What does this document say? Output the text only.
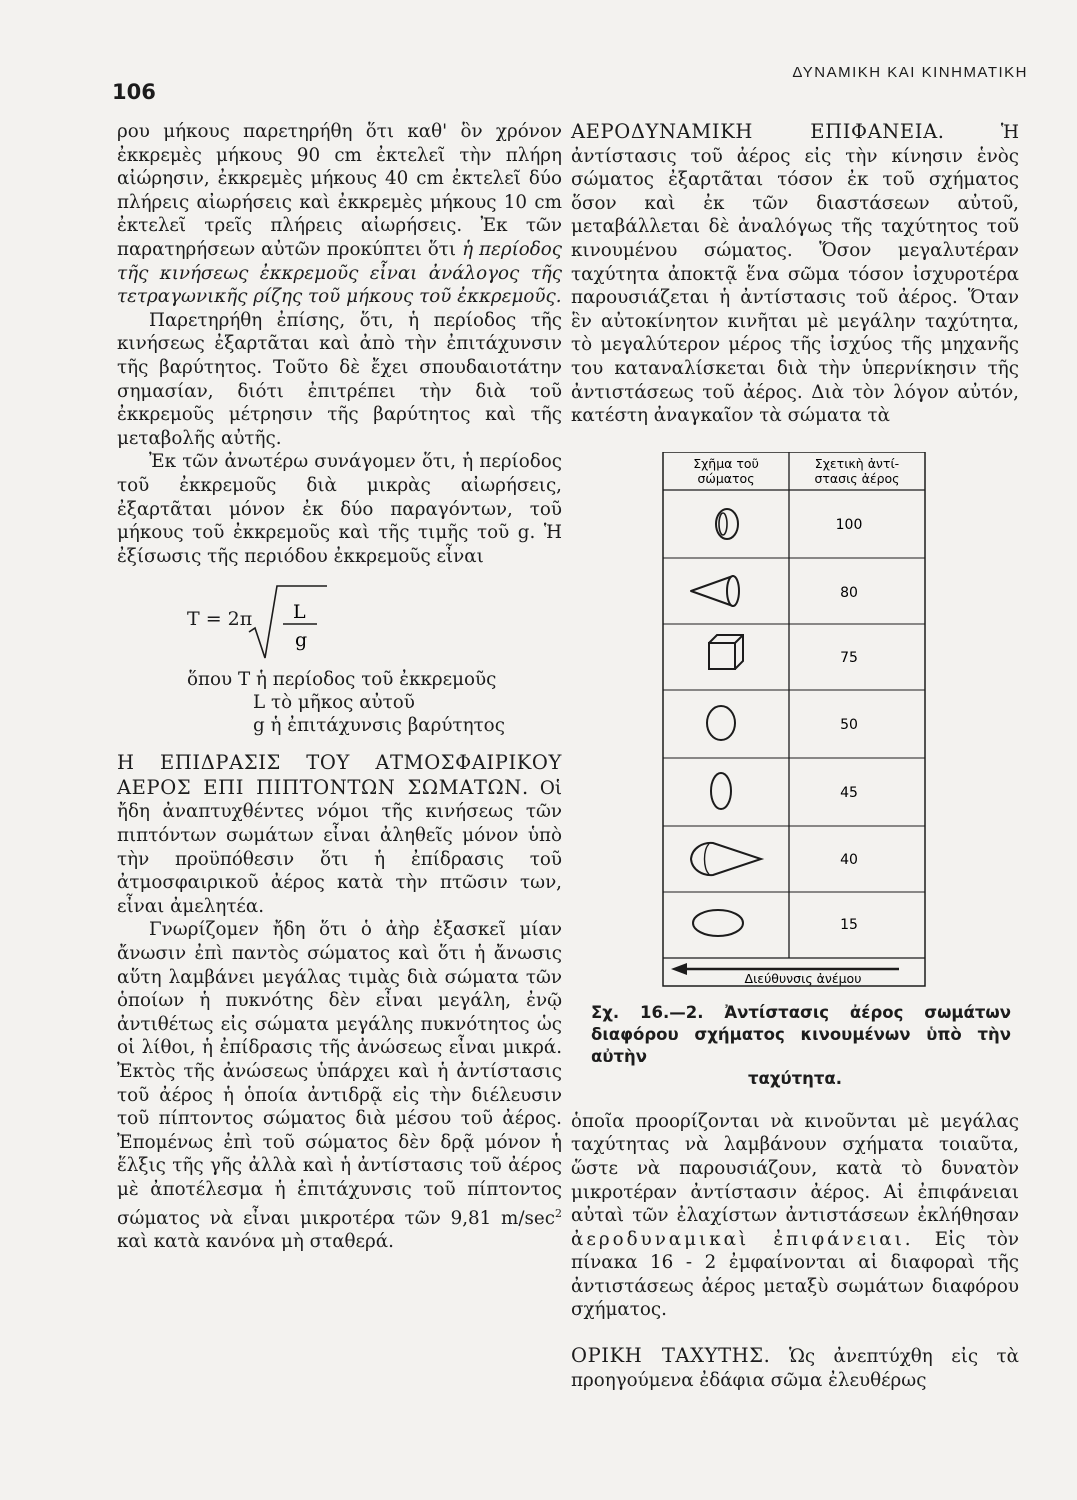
106
ΔΥΝΑΜΙΚΗ ΚΑΙ ΚΙΝΗΜΑΤΙΚΗ

ρου μήκους παρετηρήθη ὅτι καθ' ὃν χρόνον ἐκκρεμὲς μήκους 90 cm ἐκτελεῖ τὴν πλήρη αἰώρησιν, ἐκκρεμὲς μήκους 40 cm ἐκτελεῖ δύο πλήρεις αἰωρήσεις καὶ ἐκκρεμὲς μήκους 10 cm ἐκτελεῖ τρεῖς πλήρεις αἰωρήσεις. Ἐκ τῶν παρατηρήσεων αὐτῶν προκύπτει ὅτι ἡ περίοδος τῆς κινήσεως ἐκκρεμοῦς εἶναι ἀνάλογος τῆς τετραγωνικῆς ρίζης τοῦ μήκους τοῦ ἐκκρεμοῦς.

Παρετηρήθη ἐπίσης, ὅτι, ἡ περίοδος τῆς κινήσεως ἐξαρτᾶται καὶ ἀπὸ τὴν ἐπιτάχυνσιν τῆς βαρύτητος. Τοῦτο δὲ ἔχει σπουδαιοτάτην σημασίαν, διότι ἐπιτρέπει τὴν διὰ τοῦ ἐκκρεμοῦς μέτρησιν τῆς βαρύτητος καὶ τῆς μεταβολῆς αὐτῆς.

Ἐκ τῶν ἀνωτέρω συνάγομεν ὅτι, ἡ περίοδος τοῦ ἐκκρεμοῦς διὰ μικρὰς αἰωρήσεις, ἐξαρτᾶται μόνον ἐκ δύο παραγόντων, τοῦ μήκους τοῦ ἐκκρεμοῦς καὶ τῆς τιμῆς τοῦ g. Ἡ ἐξίσωσις τῆς περιόδου ἐκκρεμοῦς εἶναι

T = 2π L
g
ὅπου Τ ἡ περίοδος τοῦ ἐκκρεμοῦς
L τὸ μῆκος αὐτοῦ
g ἡ ἐπιτάχυνσις βαρύτητος

Η ΕΠΙΔΡΑΣΙΣ ΤΟΥ ΑΤΜΟΣΦΑΙΡΙΚΟΥ ΑΕΡΟΣ ΕΠΙ ΠΙΠΤΟΝΤΩΝ ΣΩΜΑΤΩΝ. Οἱ ἤδη ἀναπτυχθέντες νόμοι τῆς κινήσεως τῶν πιπτόντων σωμάτων εἶναι ἀληθεῖς μόνον ὑπὸ τὴν προϋπόθεσιν ὅτι ἡ ἐπίδρασις τοῦ ἀτμοσφαιρικοῦ ἀέρος κατὰ τὴν πτῶσιν των, εἶναι ἀμελητέα.

Γνωρίζομεν ἤδη ὅτι ὁ ἀὴρ ἐξασκεῖ μίαν ἄνωσιν ἐπὶ παντὸς σώματος καὶ ὅτι ἡ ἄνωσις αὕτη λαμβάνει μεγάλας τιμὰς διὰ σώματα τῶν ὁποίων ἡ πυκνότης δὲν εἶναι μεγάλη, ἐνῷ ἀντιθέτως εἰς σώματα μεγάλης πυκνότητος ὡς οἱ λίθοι, ἡ ἐπίδρασις τῆς ἀνώσεως εἶναι μικρά. Ἐκτὸς τῆς ἀνώσεως ὑπάρχει καὶ ἡ ἀντίστασις τοῦ ἀέρος ἡ ὁποία ἀντιδρᾷ εἰς τὴν διέλευσιν τοῦ πίπτοντος σώματος διὰ μέσου τοῦ ἀέρος. Ἐπομένως ἐπὶ τοῦ σώματος δὲν δρᾷ μόνον ἡ ἕλξις τῆς γῆς ἀλλὰ καὶ ἡ ἀντίστασις τοῦ ἀέρος μὲ ἀποτέλεσμα ἡ ἐπιτάχυνσις τοῦ πίπτοντος σώματος νὰ εἶναι μικροτέρα τῶν 9,81 $m/\sec^2$ καὶ κατὰ κανόνα μὴ σταθερά.

ΑΕΡΟΔΥΝΑΜΙΚΗ ΕΠΙΦΑΝΕΙΑ.	Ἡ ἀντίστασις τοῦ ἀέρος εἰς τὴν κίνησιν ἑνὸς σώματος ἐξαρτᾶται τόσον ἐκ τοῦ σχήματος ὅσον καὶ ἐκ τῶν διαστάσεων αὐτοῦ, μεταβάλλεται δὲ ἀναλόγως τῆς ταχύτητος τοῦ κινουμένου σώματος. Ὅσον μεγαλυτέραν ταχύτητα ἀποκτᾷ ἕνα σῶμα τόσον ἰσχυροτέρα παρουσιάζεται ἡ ἀντίστασις τοῦ ἀέρος. Ὅταν ἓν αὐτοκίνητον κινῆται μὲ μεγάλην ταχύτητα, τὸ μεγαλύτερον μέρος τῆς ἰσχύος τῆς μηχανῆς του καταναλίσκεται διὰ τὴν ὑπερνίκησιν τῆς ἀντιστάσεως τοῦ ἀέρος. Διὰ τὸν λόγον αὐτόν, κατέστη ἀναγκαῖον τὰ σώματα τὰ

Σχῆμα τοῦ
σώματος
Σχετικὴ ἀντί-
στασις ἀέρος
100
80
75
50
45
40
15
Διεύθυνσις ἀνέμου
Σχ. 16.—2. Ἀντίστασις ἀέρος σωμάτων διαφόρου σχήματος κινουμένων ὑπὸ τὴν αὐτὴν
ταχύτητα.

ὁποῖα προορίζονται νὰ κινοῦνται μὲ μεγάλας ταχύτητας νὰ λαμβάνουν σχήματα τοιαῦτα, ὥστε νὰ παρουσιάζουν, κατὰ τὸ δυνατὸν μικροτέραν ἀντίστασιν ἀέρος. Αἱ ἐπιφάνειαι αὐταὶ τῶν ἐλαχίστων ἀντιστάσεων ἐκλήθησαν ἀεροδυναμικαὶ ἐπιφάνειαι. Εἰς τὸν πίνακα 16 - 2 ἐμφαίνονται αἱ διαφοραὶ τῆς ἀντιστάσεως ἀέρος μεταξὺ σωμάτων διαφόρου σχήματος.

ΟΡΙΚΗ ΤΑΧΥΤΗΣ. Ὡς ἀνεπτύχθη εἰς τὰ προηγούμενα ἐδάφια σῶμα ἐλευθέρως
